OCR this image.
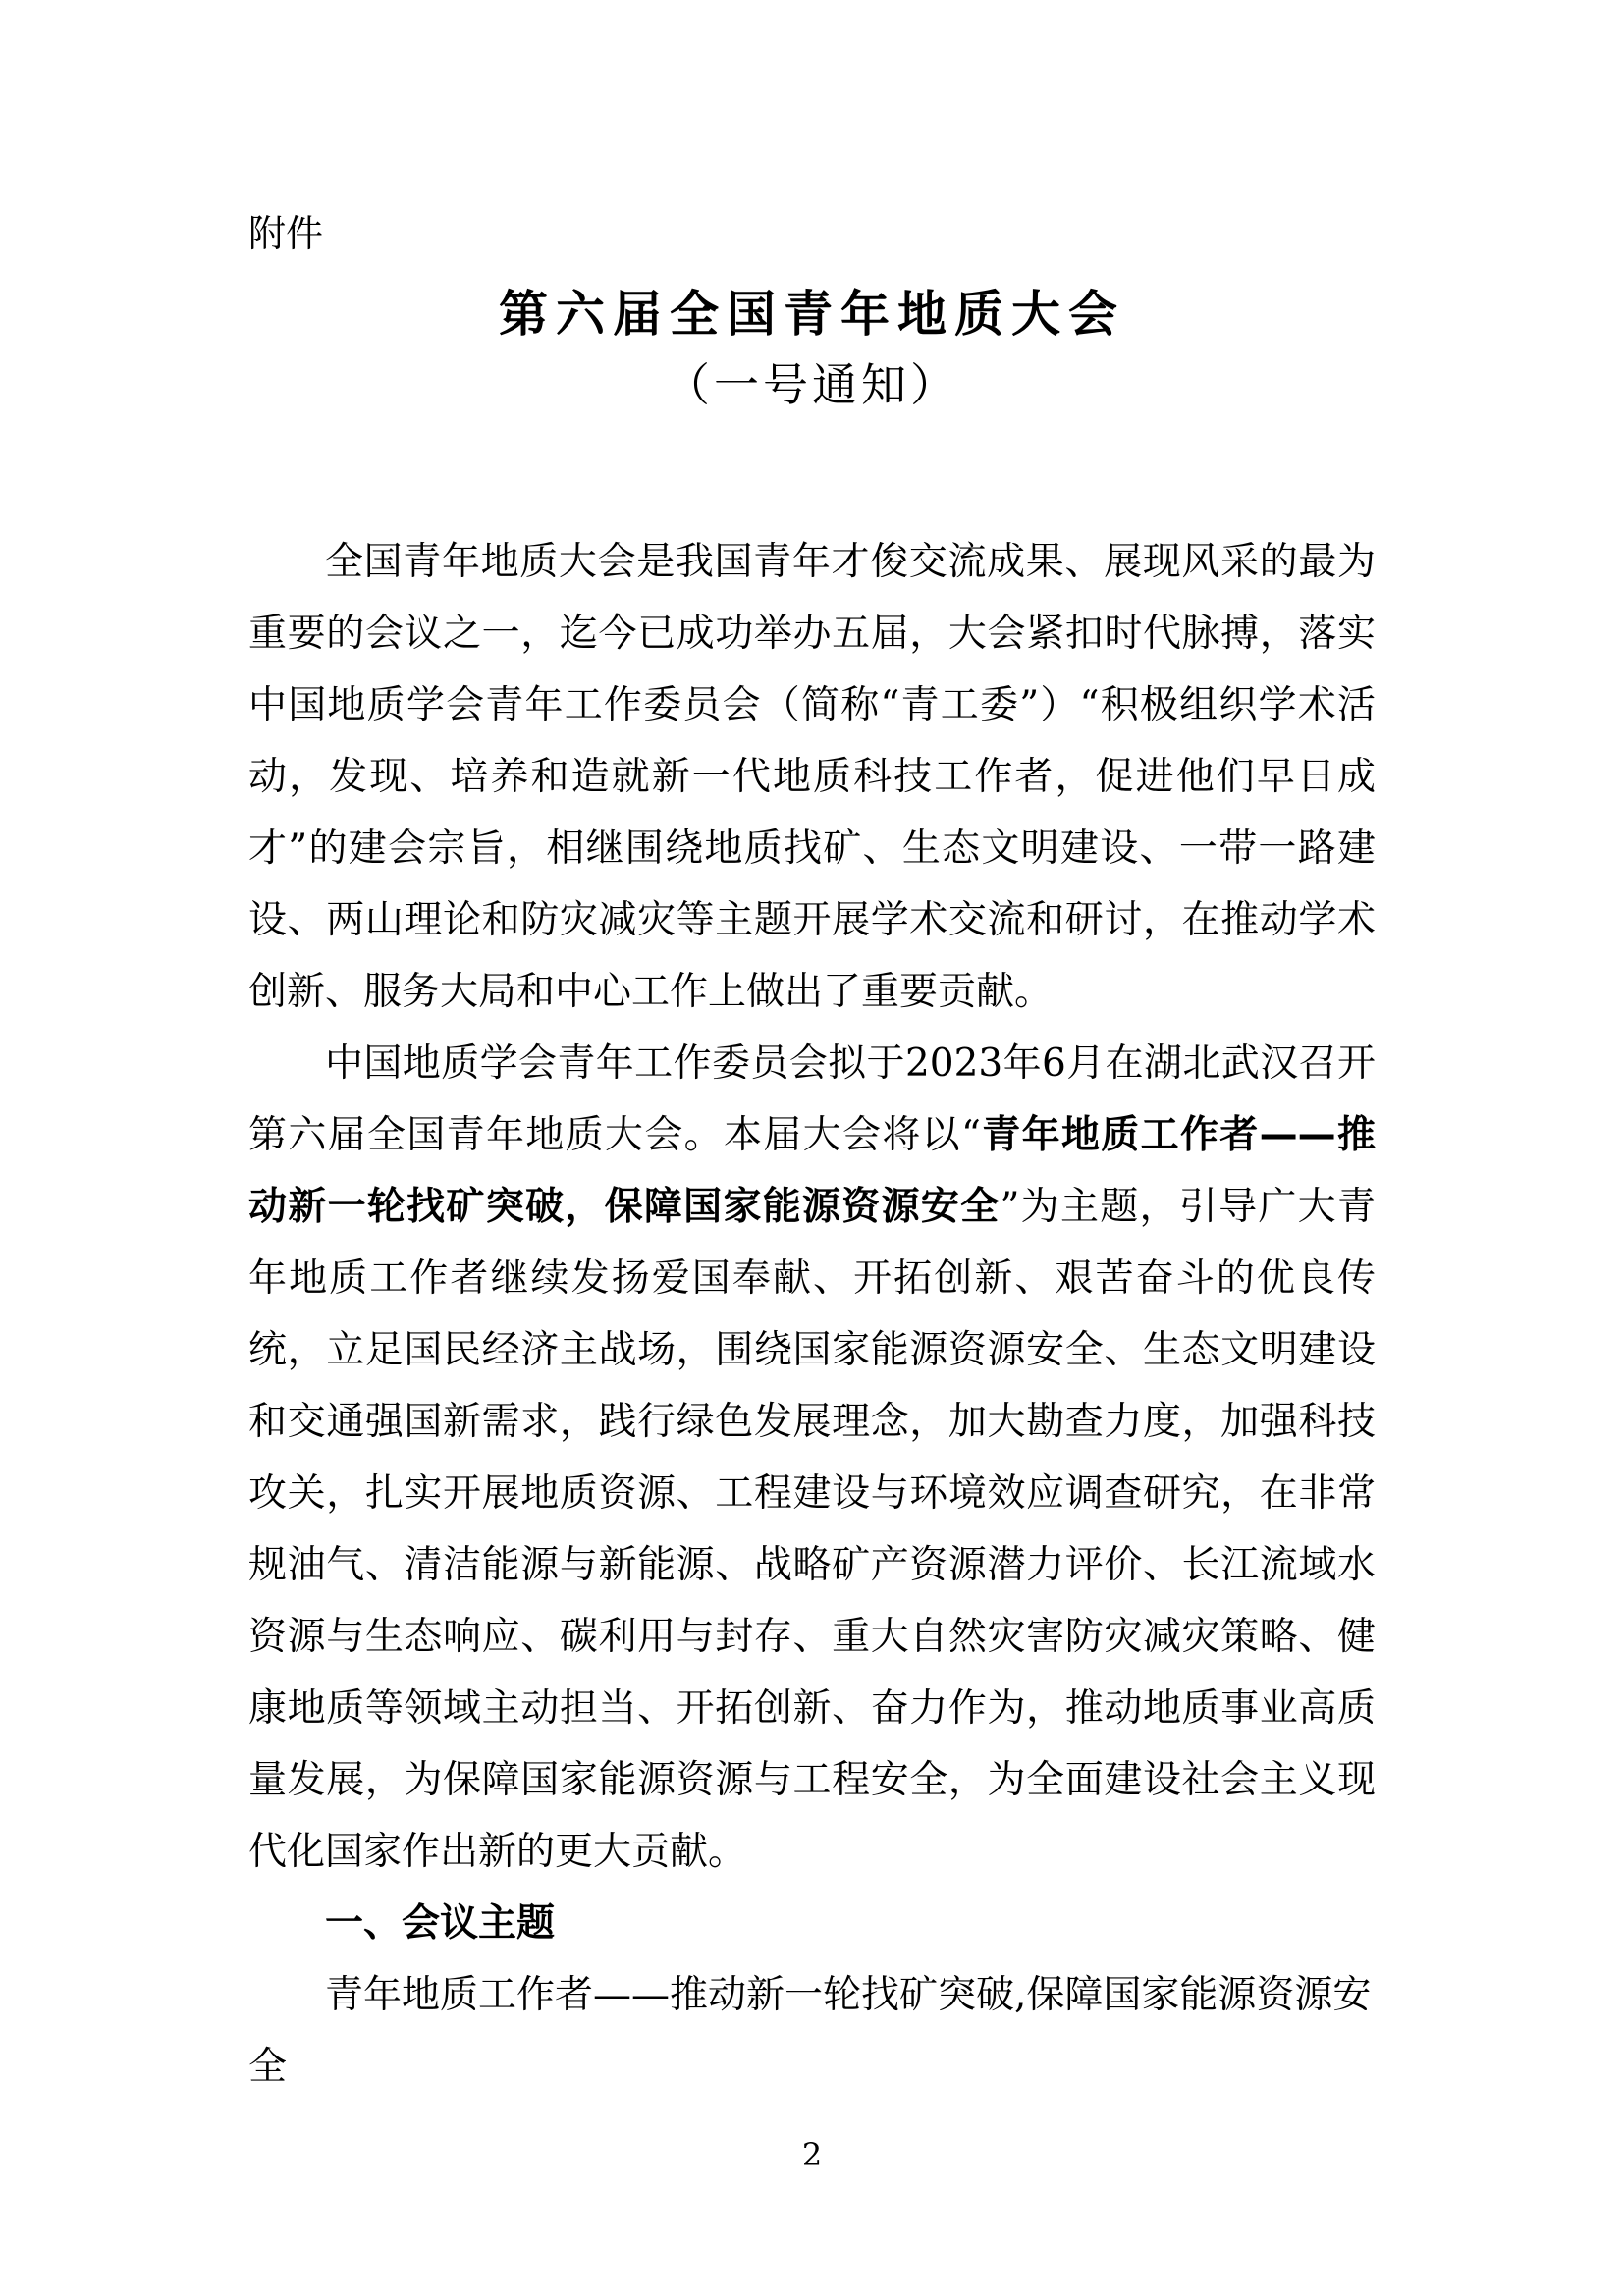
附件
第六届全国青年地质大会
（一号通知）

全国青年地质大会是我国青年才俊交流成果、展现风采的最为重要的会议之一，迄今已成功举办五届，大会紧扣时代脉搏，落实中国地质学会青年工作委员会（简称“青工委”）“积极组织学术活动，发现、培养和造就新一代地质科技工作者，促进他们早日成才”的建会宗旨，相继围绕地质找矿、生态文明建设、一带一路建设、两山理论和防灾减灾等主题开展学术交流和研讨，在推动学术创新、服务大局和中心工作上做出了重要贡献。

中国地质学会青年工作委员会拟于2023年6月在湖北武汉召开第六届全国青年地质大会。本届大会将以“青年地质工作者——推动新一轮找矿突破，保障国家能源资源安全”为主题，引导广大青年地质工作者继续发扬爱国奉献、开拓创新、艰苦奋斗的优良传统，立足国民经济主战场，围绕国家能源资源安全、生态文明建设和交通强国新需求，践行绿色发展理念，加大勘查力度，加强科技攻关，扎实开展地质资源、工程建设与环境效应调查研究，在非常规油气、清洁能源与新能源、战略矿产资源潜力评价、长江流域水资源与生态响应、碳利用与封存、重大自然灾害防灾减灾策略、健康地质等领域主动担当、开拓创新、奋力作为，推动地质事业高质量发展，为保障国家能源资源与工程安全，为全面建设社会主义现代化国家作出新的更大贡献。

一、会议主题

青年地质工作者——推动新一轮找矿突破,保障国家能源资源安全

2
